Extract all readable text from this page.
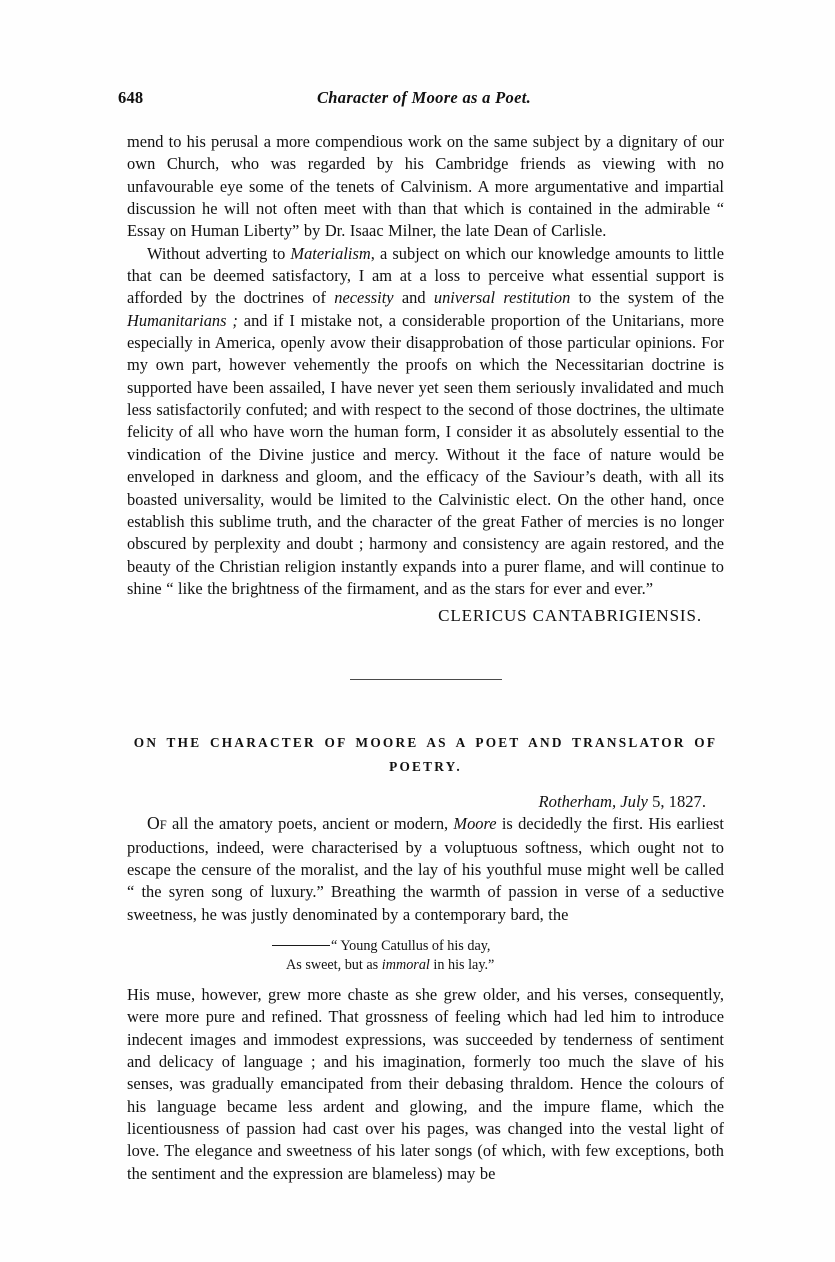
648	Character of Moore as a Poet.

mend to his perusal a more compendious work on the same subject by a dignitary of our own Church, who was regarded by his Cambridge friends as viewing with no unfavourable eye some of the tenets of Calvinism. A more argumentative and impartial discussion he will not often meet with than that which is contained in the admirable “ Essay on Human Liberty” by Dr. Isaac Milner, the late Dean of Carlisle.

Without adverting to Materialism, a subject on which our knowledge amounts to little that can be deemed satisfactory, I am at a loss to perceive what essential support is afforded by the doctrines of necessity and universal restitution to the system of the Humanitarians ; and if I mistake not, a considerable proportion of the Unitarians, more especially in America, openly avow their disapprobation of those particular opinions. For my own part, however vehemently the proofs on which the Necessitarian doctrine is supported have been assailed, I have never yet seen them seriously invalidated and much less satisfactorily confuted; and with respect to the second of those doctrines, the ultimate felicity of all who have worn the human form, I consider it as absolutely essential to the vindication of the Divine justice and mercy. Without it the face of nature would be enveloped in darkness and gloom, and the efficacy of the Saviour’s death, with all its boasted universality, would be limited to the Calvinistic elect. On the other hand, once establish this sublime truth, and the character of the great Father of mercies is no longer obscured by perplexity and doubt ; harmony and consistency are again restored, and the beauty of the Christian religion instantly expands into a purer flame, and will continue to shine “ like the brightness of the firmament, and as the stars for ever and ever.”

CLERICUS CANTABRIGIENSIS.

ON THE CHARACTER OF MOORE AS A POET AND TRANSLATOR OF
POETRY.

Rotherham, July 5, 1827.

OF all the amatory poets, ancient or modern, Moore is decidedly the first. His earliest productions, indeed, were characterised by a voluptuous softness, which ought not to escape the censure of the moralist, and the lay of his youthful muse might well be called “ the syren song of luxury.” Breathing the warmth of passion in verse of a seductive sweetness, he was justly denominated by a contemporary bard, the

“ Young Catullus of his day,
As sweet, but as immoral in his lay.”

His muse, however, grew more chaste as she grew older, and his verses, consequently, were more pure and refined. That grossness of feeling which had led him to introduce indecent images and immodest expressions, was succeeded by tenderness of sentiment and delicacy of language ; and his imagination, formerly too much the slave of his senses, was gradually emancipated from their debasing thraldom. Hence the colours of his language became less ardent and glowing, and the impure flame, which the licentiousness of passion had cast over his pages, was changed into the vestal light of love. The elegance and sweetness of his later songs (of which, with few exceptions, both the sentiment and the expression are blameless) may be
